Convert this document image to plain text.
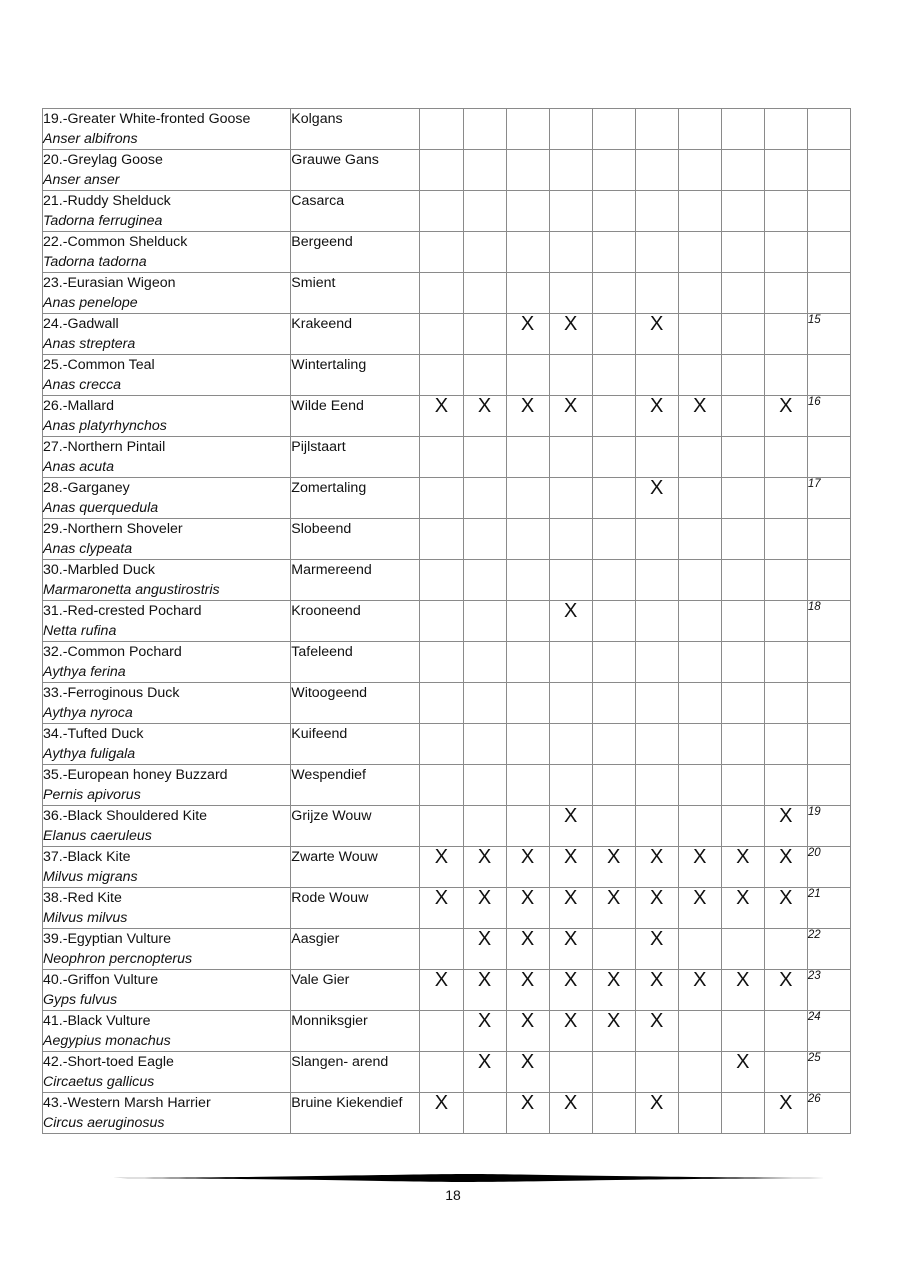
19.-Greater White-fronted Goose
Anser albifrons	Kolgans										

20.-Greylag Goose
Anser anser	Grauwe Gans										

21.-Ruddy Shelduck
Tadorna ferruginea	Casarca										

22.-Common Shelduck
Tadorna tadorna	Bergeend										

23.-Eurasian Wigeon
Anas penelope	Smient										

24.-Gadwall
Anas streptera	Krakeend			X	X		X				15

25.-Common Teal
Anas crecca	Wintertaling										

26.-Mallard
Anas platyrhynchos	Wilde Eend	X	X	X	X		X	X		X	16

27.-Northern Pintail
Anas acuta	Pijlstaart										

28.-Garganey
Anas querquedula	Zomertaling						X				17

29.-Northern Shoveler
Anas clypeata	Slobeend										

30.-Marbled Duck
Marmaronetta angustirostris	Marmereend										

31.-Red-crested Pochard
Netta rufina	Krooneend				X						18

32.-Common Pochard
Aythya ferina	Tafeleend										

33.-Ferroginous Duck
Aythya nyroca	Witoogeend										

34.-Tufted Duck
Aythya fuligala	Kuifeend										

35.-European honey Buzzard
Pernis apivorus	Wespendief										

36.-Black Shouldered Kite
Elanus caeruleus	Grijze Wouw				X					X	19

37.-Black Kite
Milvus migrans	Zwarte Wouw	X	X	X	X	X	X	X	X	X	20

38.-Red Kite
Milvus milvus	Rode Wouw	X	X	X	X	X	X	X	X	X	21

39.-Egyptian Vulture
Neophron percnopterus	Aasgier		X	X	X		X				22

40.-Griffon Vulture
Gyps fulvus	Vale Gier	X	X	X	X	X	X	X	X	X	23

41.-Black Vulture
Aegypius monachus	Monniksgier		X	X	X	X	X				24

42.-Short-toed Eagle
Circaetus gallicus	Slangen- arend		X	X					X		25

43.-Western Marsh Harrier
Circus aeruginosus	Bruine Kiekendief	X		X	X		X			X	26
18
